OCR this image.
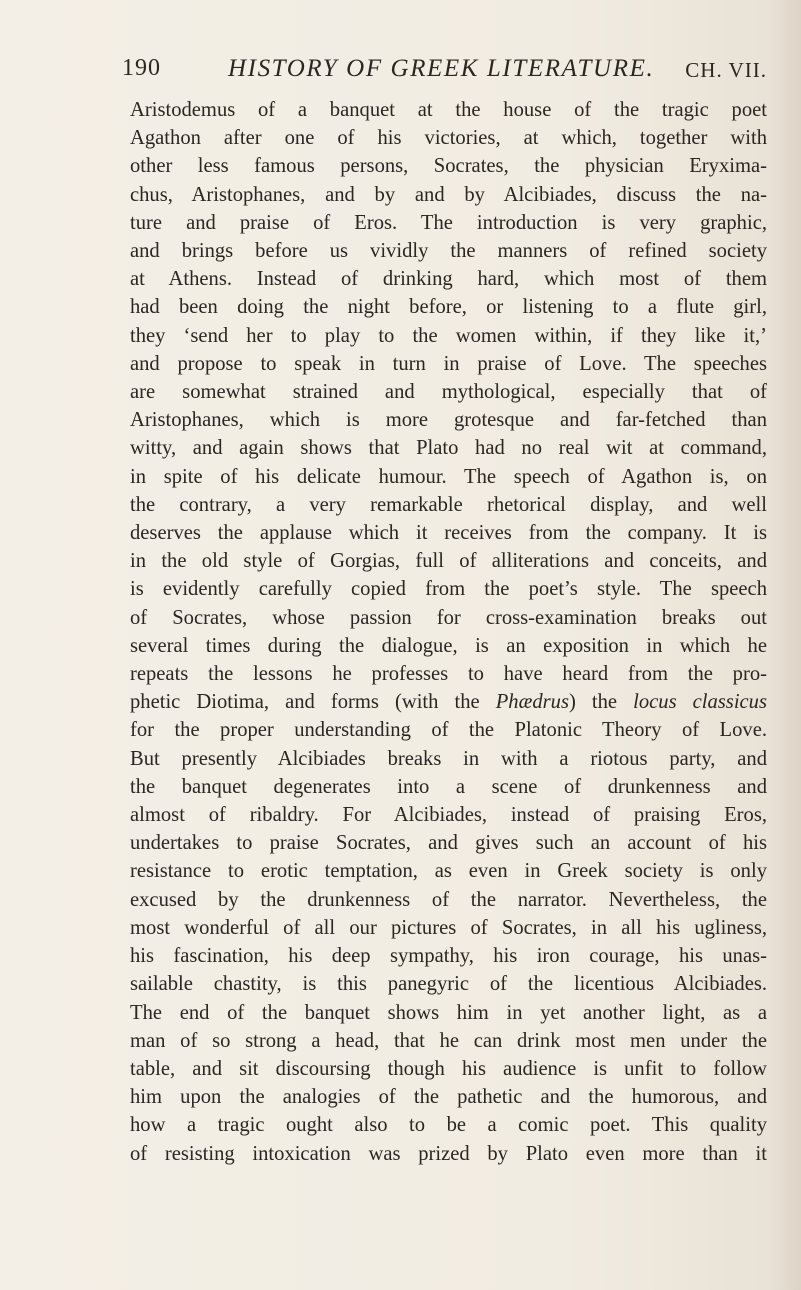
190	HISTORY OF GREEK LITERATURE. CH. VII.
Aristodemus of a banquet at the house of the tragic poet
Agathon after one of his victories, at which, together with
other less famous persons, Socrates, the physician Eryxima-
chus, Aristophanes, and by and by Alcibiades, discuss the na-
ture and praise of Eros. The introduction is very graphic,
and brings before us vividly the manners of refined society
at Athens. Instead of drinking hard, which most of them
had been doing the night before, or listening to a flute girl,
they ‘send her to play to the women within, if they like it,’
and propose to speak in turn in praise of Love. The speeches
are somewhat strained and mythological, especially that of
Aristophanes, which is more grotesque and far-fetched than
witty, and again shows that Plato had no real wit at command,
in spite of his delicate humour. The speech of Agathon is, on
the contrary, a very remarkable rhetorical display, and well
deserves the applause which it receives from the company. It is
in the old style of Gorgias, full of alliterations and conceits, and
is evidently carefully copied from the poet’s style. The speech
of Socrates, whose passion for cross-examination breaks out
several times during the dialogue, is an exposition in which he
repeats the lessons he professes to have heard from the pro-
phetic Diotima, and forms (with the Phædrus) the locus classicus
for the proper understanding of the Platonic Theory of Love.
But presently Alcibiades breaks in with a riotous party, and
the banquet degenerates into a scene of drunkenness and
almost of ribaldry. For Alcibiades, instead of praising Eros,
undertakes to praise Socrates, and gives such an account of his
resistance to erotic temptation, as even in Greek society is only
excused by the drunkenness of the narrator. Nevertheless, the
most wonderful of all our pictures of Socrates, in all his ugliness,
his fascination, his deep sympathy, his iron courage, his unas-
sailable chastity, is this panegyric of the licentious Alcibiades.
The end of the banquet shows him in yet another light, as a
man of so strong a head, that he can drink most men under the
table, and sit discoursing though his audience is unfit to follow
him upon the analogies of the pathetic and the humorous, and
how a tragic ought also to be a comic poet. This quality
of resisting intoxication was prized by Plato even more than it
